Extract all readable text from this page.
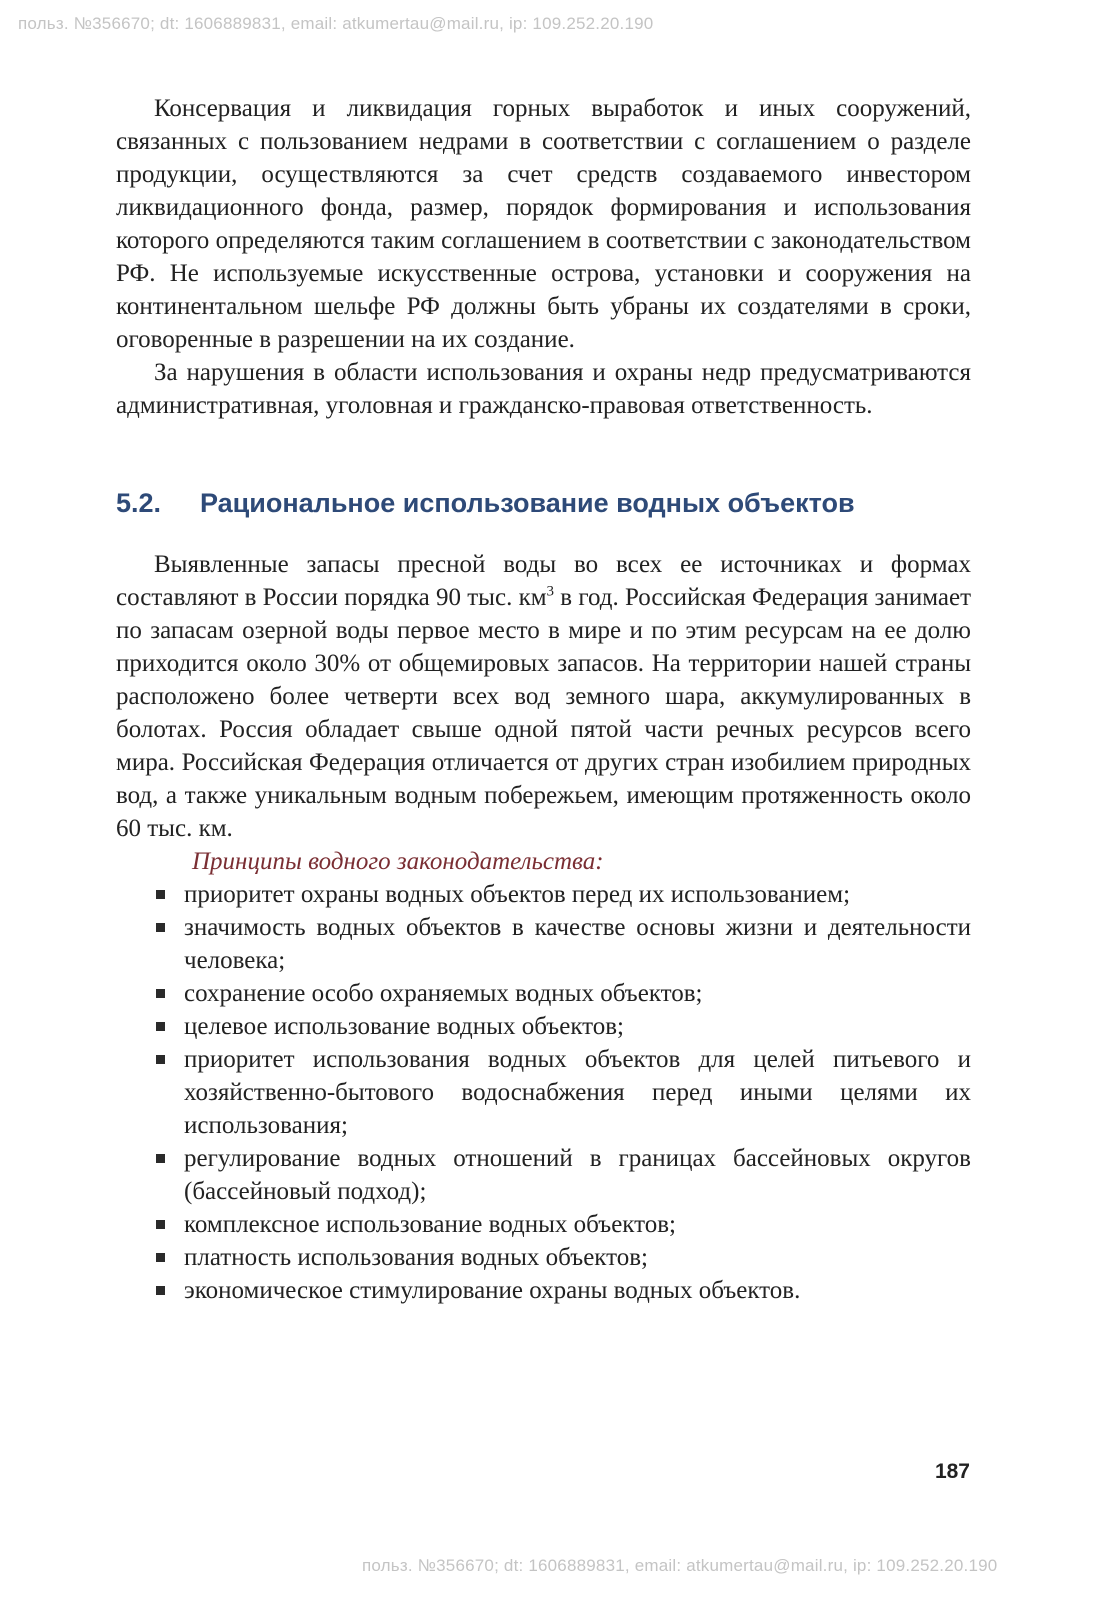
польз. №356670; dt: 1606889831, email: atkumertau@mail.ru, ip: 109.252.20.190

Консервация и ликвидация горных выработок и иных сооружений, связанных с пользованием недрами в соответствии с соглашением о разделе продукции, осуществляются за счет средств создаваемого инвестором ликвидационного фонда, размер, порядок формирования и использования которого определяются таким соглашением в соответствии с законодательством РФ. Не используемые искусственные острова, установки и сооружения на континентальном шельфе РФ должны быть убраны их создателями в сроки, оговоренные в разрешении на их создание.

За нарушения в области использования и охраны недр предусматриваются административная, уголовная и гражданско-правовая ответственность.

5.2.	Рациональное использование водных объектов

Выявленные запасы пресной воды во всех ее источниках и формах составляют в России порядка 90 тыс. $км^3$ в год. Российская Федерация занимает по запасам озерной воды первое место в мире и по этим ресурсам на ее долю приходится около 30% от общемировых запасов. На территории нашей страны расположено более четверти всех вод земного шара, аккумулированных в болотах. Россия обладает свыше одной пятой части речных ресурсов всего мира. Российская Федерация отличается от других стран изобилием природных вод, а также уникальным водным побережьем, имеющим протяженность около 60 тыс. км.

Принципы водного законодательства:

приоритет охраны водных объектов перед их использованием;
значимость водных объектов в качестве основы жизни и деятельности человека;
сохранение особо охраняемых водных объектов;
целевое использование водных объектов;
приоритет использования водных объектов для целей питьевого и хозяйственно-бытового водоснабжения перед иными целями их использования;
регулирование водных отношений в границах бассейновых округов (бассейновый подход);
комплексное использование водных объектов;
платность использования водных объектов;
экономическое стимулирование охраны водных объектов.
187
польз. №356670; dt: 1606889831, email: atkumertau@mail.ru, ip: 109.252.20.190
